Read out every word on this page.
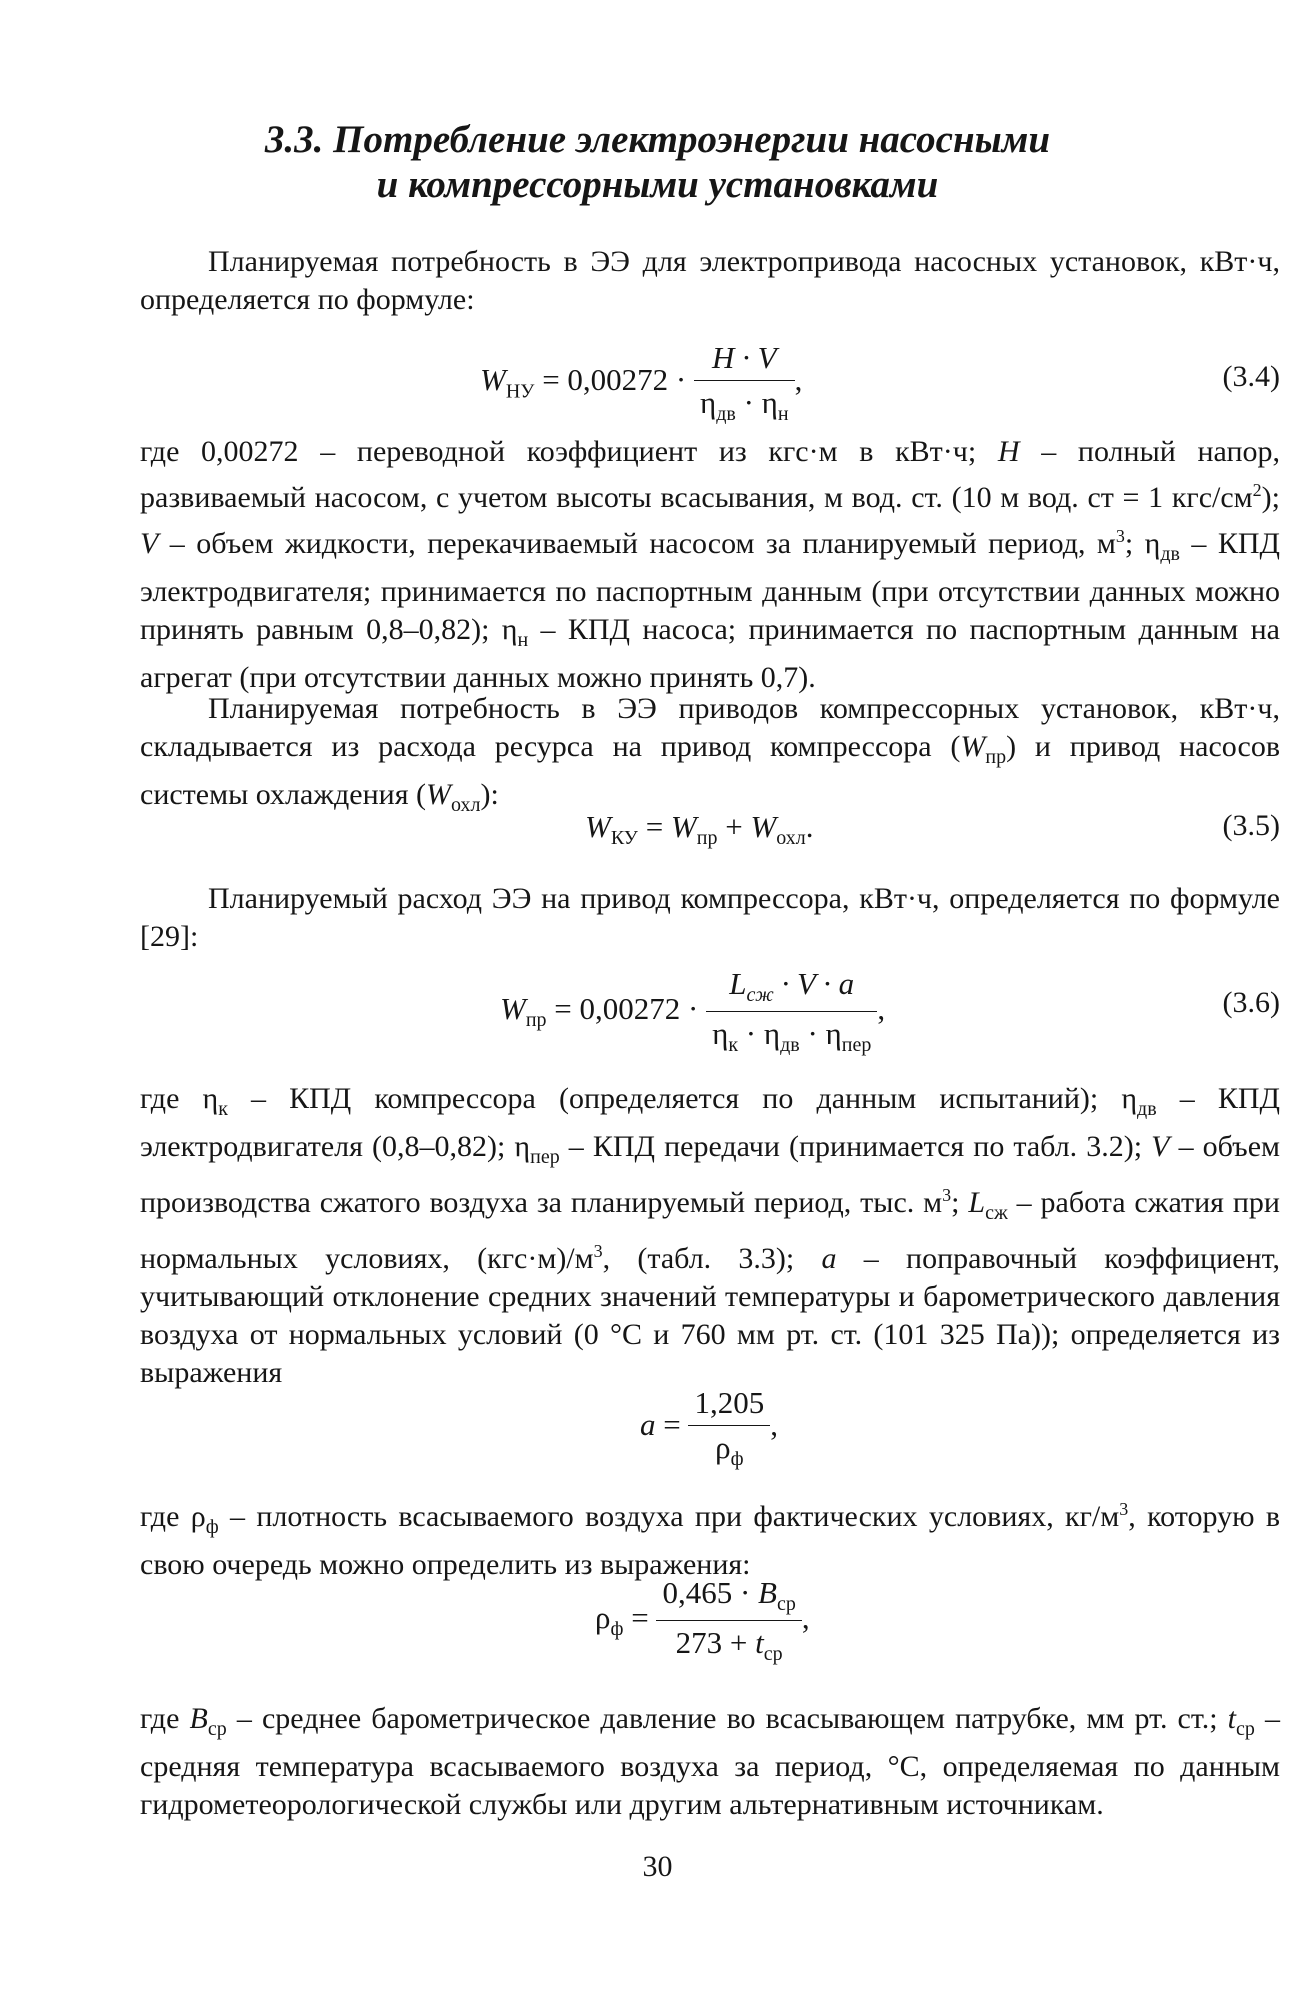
3.3. Потребление электроэнергии насосными
и компрессорными установками

Планируемая потребность в ЭЭ для электропривода насосных установок, кВт·ч, определяется по формуле:

$W_{НУ} = 0,00272 \cdot \frac{H \cdot V}{\eta_{дв} \cdot \eta_н}$ ,	(3.4)

где 0,00272 – переводной коэффициент из кгс·м в кВт·ч; H – полный напор, развиваемый насосом, с учетом высоты всасывания, м вод. ст. (10 м вод. ст = 1 кгс/$см^2$); V – объем жидкости, перекачиваемый насосом за планируемый период, $м^3$; $\eta_{дв}$ – КПД электродвигателя; принимается по паспортным данным (при отсутствии данных можно принять равным 0,8–0,82); $\eta_н$ – КПД насоса; принимается по паспортным данным на агрегат (при отсутствии данных можно принять 0,7).

Планируемая потребность в ЭЭ приводов компрессорных установок, кВт·ч, складывается из расхода ресурса на привод компрессора $(W_{пр})$ и привод насосов системы охлаждения $(W_{охл})$:

$W_{КУ} = W_{пр} + W_{охл}$.	(3.5)

Планируемый расход ЭЭ на привод компрессора, кВт·ч, определяется по формуле [29]:

$W_{пр} = 0,00272 \cdot \frac{L_{сж} \cdot V \cdot a}{\eta_к \cdot \eta_{дв} \cdot \eta_{пер}}$ ,	(3.6)

где $\eta_к$ – КПД компрессора (определяется по данным испытаний); $\eta_{дв}$ – КПД электродвигателя (0,8–0,82); $\eta_{пер}$ – КПД передачи (принимается по табл. 3.2); V – объем производства сжатого воздуха за планируемый период, тыс. $м^3$; $L_{сж}$ – работа сжатия при нормальных условиях, $(кгс\cdot м)/м^3$, (табл. 3.3); a – поправочный коэффициент, учитывающий отклонение средних значений температуры и барометрического давления воздуха от нормальных условий (0 °С и 760 мм рт. ст. (101 325 Па)); определяется из выражения

$a = \frac{1,205}{\rho_ф}$ ,

где $\rho_ф$ – плотность всасываемого воздуха при фактических условиях, $кг/м^3$, которую в свою очередь можно определить из выражения:

$\rho_ф = \frac{0,465 \cdot B_{ср}}{273 + t_{ср}}$ ,

где $B_{ср}$ – среднее барометрическое давление во всасывающем патрубке, мм рт. ст.; $t_{ср}$ – средняя температура всасываемого воздуха за период, °С, определяемая по данным гидрометеорологической службы или другим альтернативным источникам.

30
